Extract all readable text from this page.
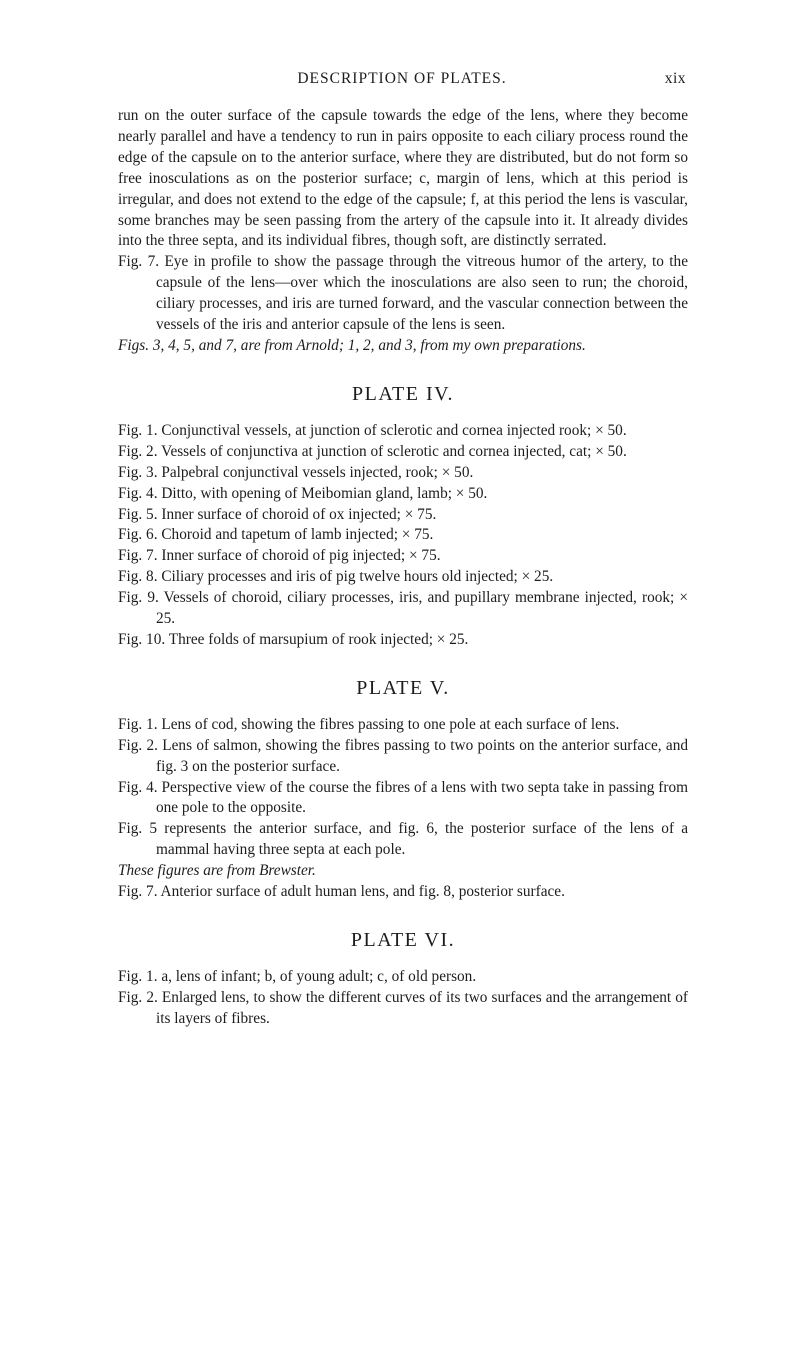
DESCRIPTION OF PLATES.	xix

run on the outer surface of the capsule towards the edge of the lens, where they become nearly parallel and have a tendency to run in pairs opposite to each ciliary process round the edge of the capsule on to the anterior surface, where they are distributed, but do not form so free inosculations as on the posterior surface; c, margin of lens, which at this period is irregular, and does not extend to the edge of the capsule; f, at this period the lens is vascular, some branches may be seen passing from the artery of the capsule into it. It already divides into the three septa, and its individual fibres, though soft, are distinctly serrated.

Fig. 7. Eye in profile to show the passage through the vitreous humor of the artery, to the capsule of the lens—over which the inosculations are also seen to run; the choroid, ciliary processes, and iris are turned forward, and the vascular connection between the vessels of the iris and anterior capsule of the lens is seen.

Figs. 3, 4, 5, and 7, are from Arnold; 1, 2, and 3, from my own preparations.

PLATE IV.

Fig. 1. Conjunctival vessels, at junction of sclerotic and cornea injected rook; × 50.

Fig. 2. Vessels of conjunctiva at junction of sclerotic and cornea injected, cat; × 50.

Fig. 3. Palpebral conjunctival vessels injected, rook; × 50.

Fig. 4. Ditto, with opening of Meibomian gland, lamb; × 50.

Fig. 5. Inner surface of choroid of ox injected; × 75.

Fig. 6. Choroid and tapetum of lamb injected; × 75.

Fig. 7. Inner surface of choroid of pig injected; × 75.

Fig. 8. Ciliary processes and iris of pig twelve hours old injected; × 25.

Fig. 9. Vessels of choroid, ciliary processes, iris, and pupillary membrane injected, rook; × 25.

Fig. 10. Three folds of marsupium of rook injected; × 25.

PLATE V.

Fig. 1. Lens of cod, showing the fibres passing to one pole at each surface of lens.

Fig. 2. Lens of salmon, showing the fibres passing to two points on the anterior surface, and fig. 3 on the posterior surface.

Fig. 4. Perspective view of the course the fibres of a lens with two septa take in passing from one pole to the opposite.

Fig. 5 represents the anterior surface, and fig. 6, the posterior surface of the lens of a mammal having three septa at each pole.

These figures are from Brewster.

Fig. 7. Anterior surface of adult human lens, and fig. 8, posterior surface.

PLATE VI.

Fig. 1. a, lens of infant; b, of young adult; c, of old person.

Fig. 2. Enlarged lens, to show the different curves of its two surfaces and the arrangement of its layers of fibres.
